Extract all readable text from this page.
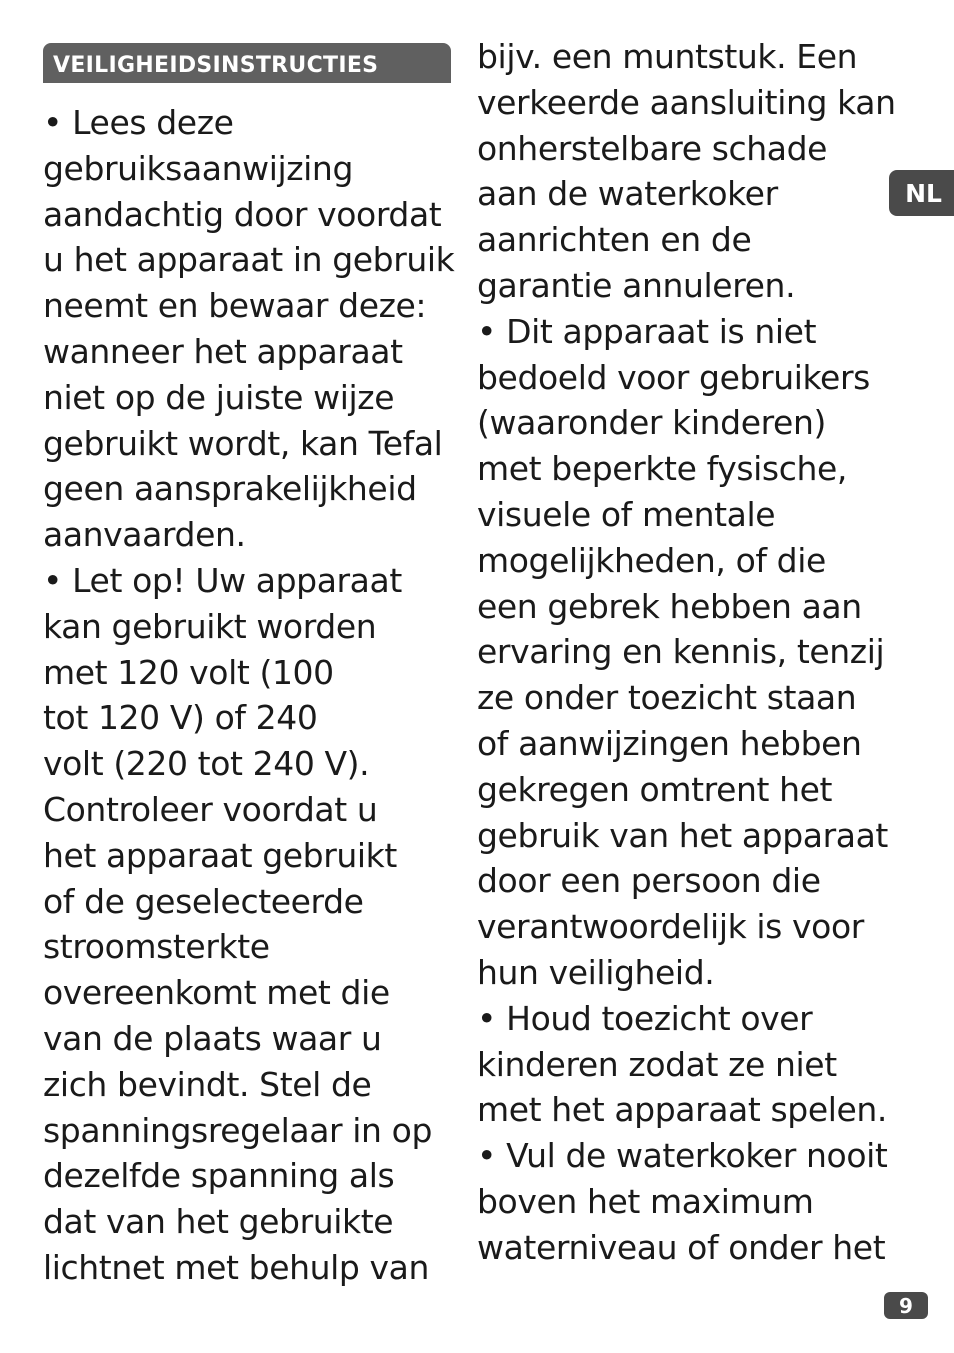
VEILIGHEIDSINSTRUCTIES
• Lees deze
gebruiksaanwijzing
aandachtig door voordat
u het apparaat in gebruik
neemt en bewaar deze:
wanneer het apparaat
niet op de juiste wijze
gebruikt wordt, kan Tefal
geen aansprakelijkheid
aanvaarden.
• Let op! Uw apparaat
kan gebruikt worden
met 120 volt (100
tot 120 V) of 240
volt (220 tot 240 V).
Controleer voordat u
het apparaat gebruikt
of de geselecteerde
stroomsterkte
overeenkomt met die
van de plaats waar u
zich bevindt. Stel de
spanningsregelaar in op
dezelfde spanning als
dat van het gebruikte
lichtnet met behulp van
bijv. een muntstuk. Een
verkeerde aansluiting kan
onherstelbare schade
aan de waterkoker
aanrichten en de
garantie annuleren.
• Dit apparaat is niet
bedoeld voor gebruikers
(waaronder kinderen)
met beperkte fysische,
visuele of mentale
mogelijkheden, of die
een gebrek hebben aan
ervaring en kennis, tenzij
ze onder toezicht staan
of aanwijzingen hebben
gekregen omtrent het
gebruik van het apparaat
door een persoon die
verantwoordelijk is voor
hun veiligheid.
• Houd toezicht over
kinderen zodat ze niet
met het apparaat spelen.
• Vul de waterkoker nooit
boven het maximum
waterniveau of onder het
NL
9
